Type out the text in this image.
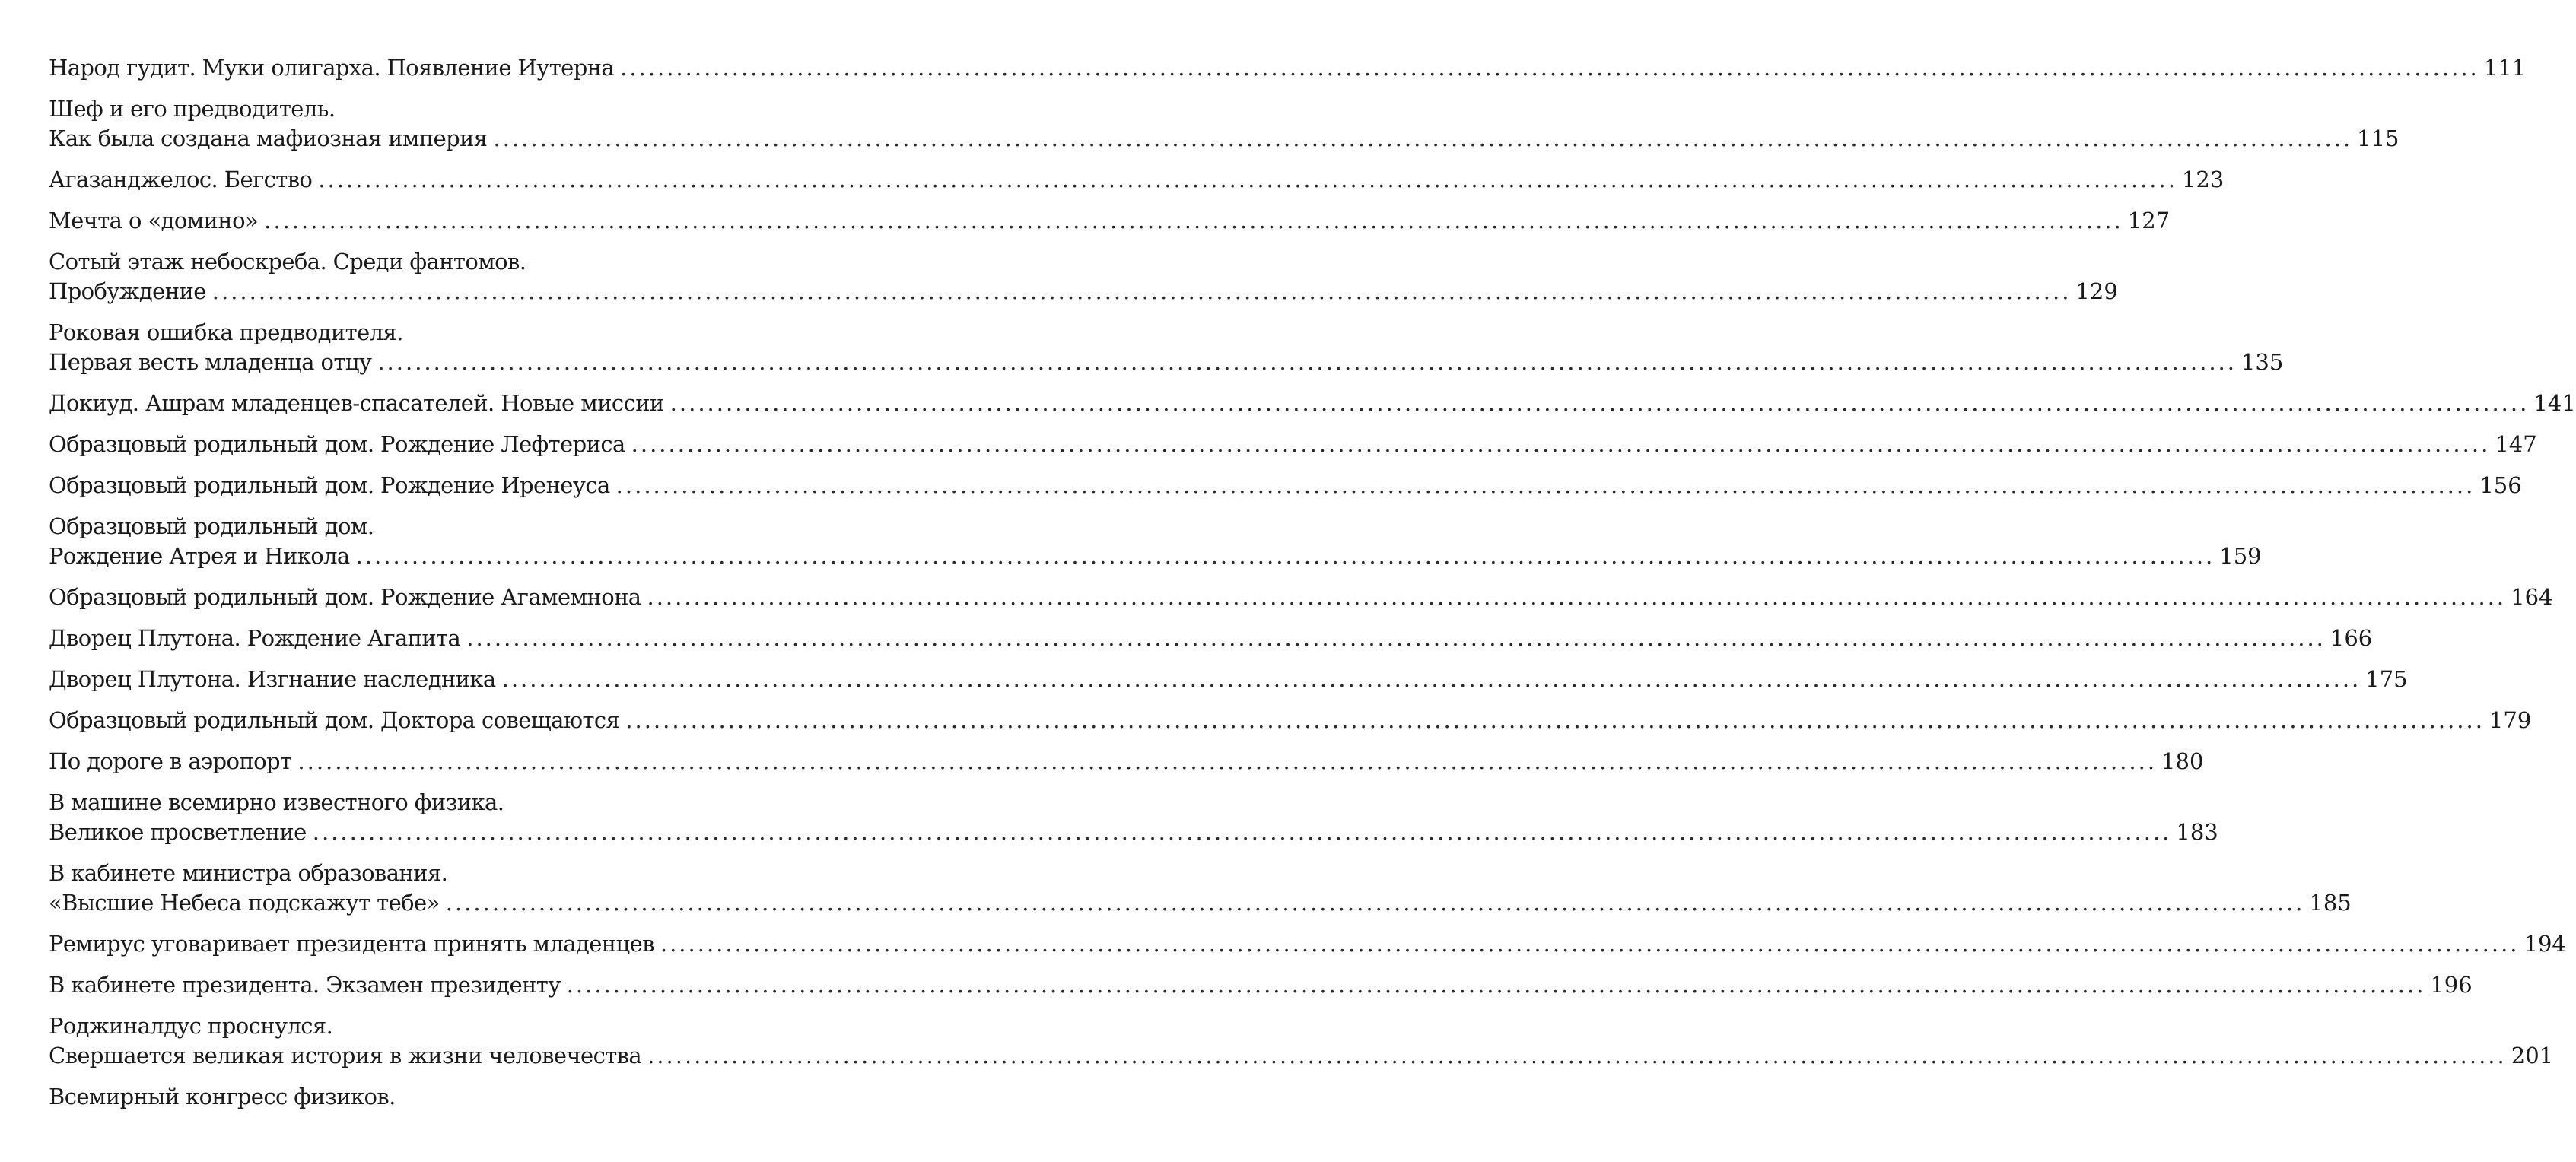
Народ гудит. Муки олигарха. Появление Иутерна .....	111
Шеф и его предводитель.
Как была создана мафиозная империя .....	115
Агазанджелос. Бегство .....	123
Мечта о «домино» .....	127
Сотый этаж небоскреба. Среди фантомов.
Пробуждение .....	129
Роковая ошибка предводителя.
Первая весть младенца отцу .....	135
Докиуд. Ашрам младенцев-спасателей. Новые миссии .....	141
Образцовый родильный дом. Рождение Лефтериса .....	147
Образцовый родильный дом. Рождение Иренеуса .....	156
Образцовый родильный дом.
Рождение Атрея и Никола .....	159
Образцовый родильный дом. Рождение Агамемнона .....	164
Дворец Плутона. Рождение Агапита .....	166
Дворец Плутона. Изгнание наследника .....	175
Образцовый родильный дом. Доктора совещаются .....	179
По дороге в аэропорт .....	180
В машине всемирно известного физика.
Великое просветление .....	183
В кабинете министра образования.
«Высшие Небеса подскажут тебе» .....	185
Ремирус уговаривает президента принять младенцев .....	194
В кабинете президента. Экзамен президенту .....	196
Роджиналдус проснулся.
Свершается великая история в жизни человечества .....	201
Всемирный конгресс физиков.
